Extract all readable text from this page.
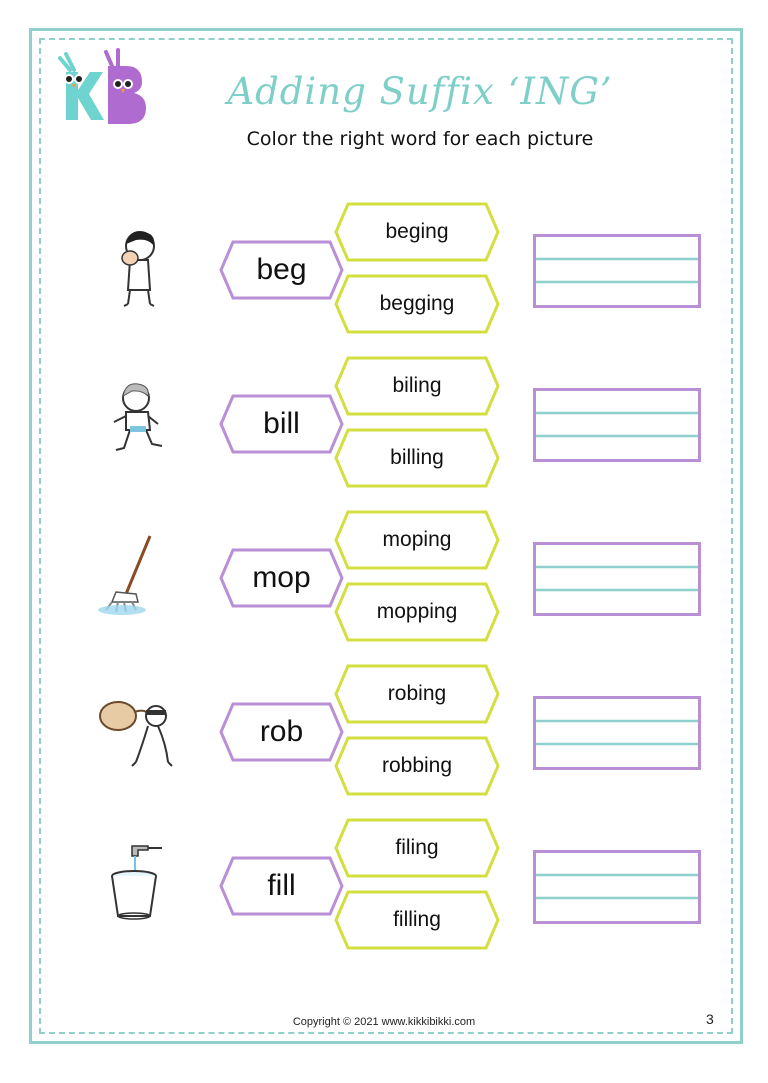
KB
Adding Suffix ‘ING’
Color the right word for each picture
beg
beging
begging
bill
biling
billing
mop
moping
mopping
rob
robing
robbing
fill
filing
filling
Copyright © 2021 www.kikkibikki.com	3
